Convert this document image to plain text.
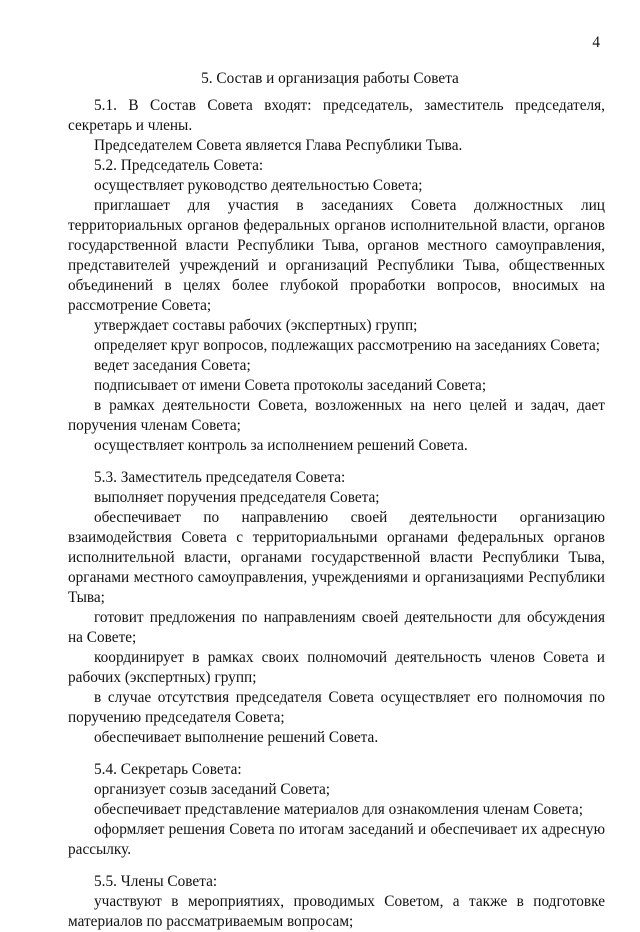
4
5. Состав и организация работы Совета

5.1. В Состав Совета входят: председатель, заместитель председателя, секретарь и члены.

Председателем Совета является Глава Республики Тыва.

5.2. Председатель Совета:

осуществляет руководство деятельностью Совета;

приглашает для участия в заседаниях Совета должностных лиц территориальных органов федеральных органов исполнительной власти, органов государственной власти Республики Тыва, органов местного самоуправления, представителей учреждений и организаций Республики Тыва, общественных объединений в целях более глубокой проработки вопросов, вносимых на рассмотрение Совета;

утверждает составы рабочих (экспертных) групп;

определяет круг вопросов, подлежащих рассмотрению на заседаниях Совета;

ведет заседания Совета;

подписывает от имени Совета протоколы заседаний Совета;

в рамках деятельности Совета, возложенных на него целей и задач, дает поручения членам Совета;

осуществляет контроль за исполнением решений Совета.

5.3. Заместитель председателя Совета:

выполняет поручения председателя Совета;

обеспечивает по направлению своей деятельности организацию взаимодействия Совета с территориальными органами федеральных органов исполнительной власти, органами государственной власти Республики Тыва, органами местного самоуправления, учреждениями и организациями Республики Тыва;

готовит предложения по направлениям своей деятельности для обсуждения на Совете;

координирует в рамках своих полномочий деятельность членов Совета и рабочих (экспертных) групп;

в случае отсутствия председателя Совета осуществляет его полномочия по поручению председателя Совета;

обеспечивает выполнение решений Совета.

5.4. Секретарь Совета:

организует созыв заседаний Совета;

обеспечивает представление материалов для ознакомления членам Совета;

оформляет решения Совета по итогам заседаний и обеспечивает их адресную рассылку.

5.5. Члены Совета:

участвуют в мероприятиях, проводимых Советом, а также в подготовке материалов по рассматриваемым вопросам;
